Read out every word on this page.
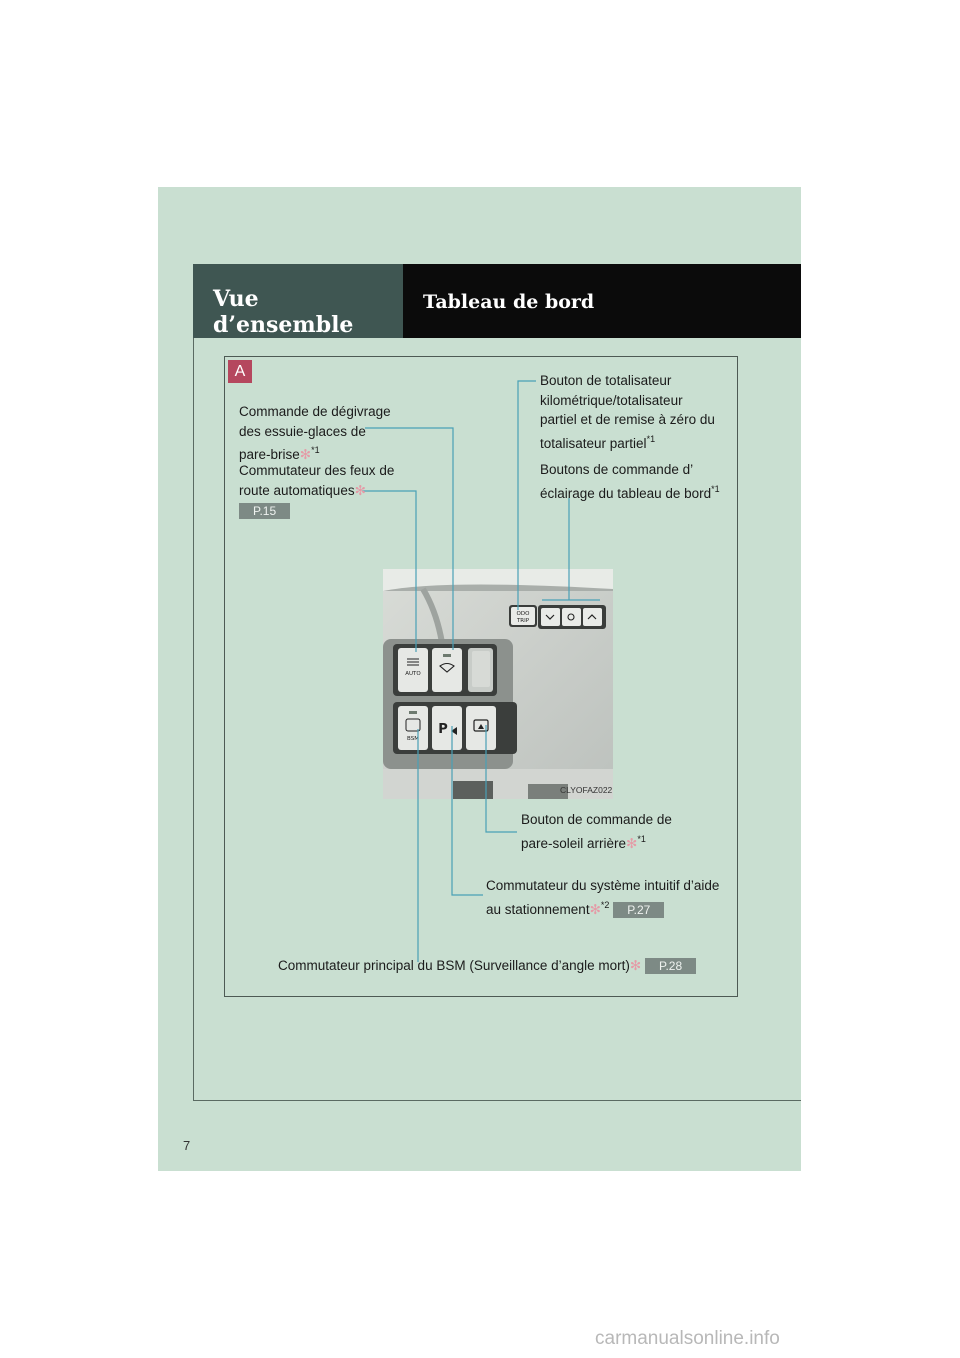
Vue d’ensemble
Tableau de bord
A
ODO
TRIP
AUTO
BSM
P
CLYOFAZ022
Commande de dégivrage
des essuie-glaces de
pare-brise✻$^{*1}$
Commutateur des feux de
route automatiques✻
P.15
Bouton de totalisateur
kilométrique/totalisateur
partiel et de remise à zéro du
totalisateur partiel$^{*1}$
Boutons de commande d’
éclairage du tableau de bord$^{*1}$
Bouton de commande de
pare-soleil arrière✻$^{*1}$
Commutateur du système intuitif d’aide
au stationnement✻$^{*2}$ P.27
Commutateur principal du BSM (Surveillance d’angle mort)✻ P.28
7
carmanualsonline.info
